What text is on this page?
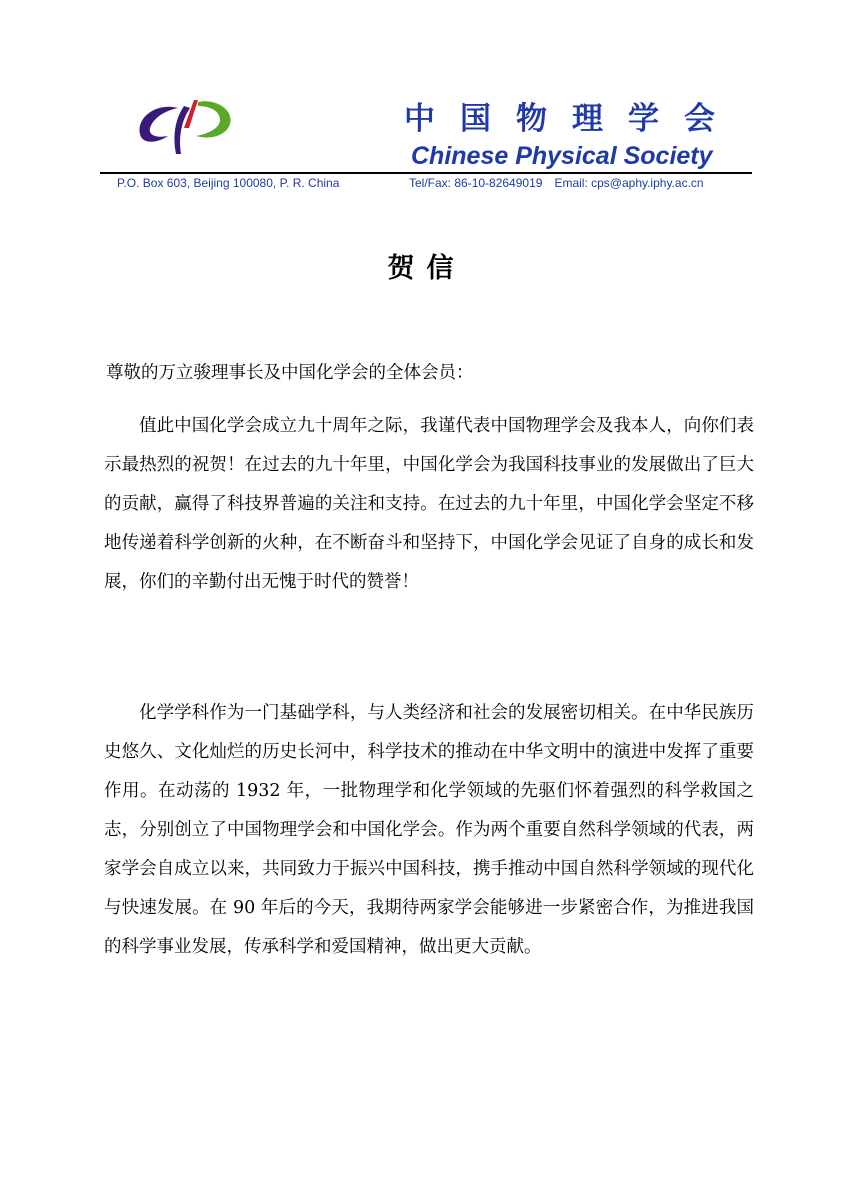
中国物理学会
Chinese Physical Society
P.O. Box 603, Beijing 100080, P. R. China	Tel/Fax: 86-10-82649019 Email: cps@aphy.iphy.ac.cn
贺信
尊敬的万立骏理事长及中国化学会的全体会员：

值此中国化学会成立九十周年之际，我谨代表中国物理学会及我本人，向你们表示最热烈的祝贺！在过去的九十年里，中国化学会为我国科技事业的发展做出了巨大的贡献，赢得了科技界普遍的关注和支持。在过去的九十年里，中国化学会坚定不移地传递着科学创新的火种，在不断奋斗和坚持下，中国化学会见证了自身的成长和发展，你们的辛勤付出无愧于时代的赞誉！

化学学科作为一门基础学科，与人类经济和社会的发展密切相关。在中华民族历史悠久、文化灿烂的历史长河中，科学技术的推动在中华文明中的演进中发挥了重要作用。在动荡的 1932 年，一批物理学和化学领域的先驱们怀着强烈的科学救国之志，分别创立了中国物理学会和中国化学会。作为两个重要自然科学领域的代表，两家学会自成立以来，共同致力于振兴中国科技，携手推动中国自然科学领域的现代化与快速发展。在 90 年后的今天，我期待两家学会能够进一步紧密合作，为推进我国的科学事业发展，传承科学和爱国精神，做出更大贡献。
